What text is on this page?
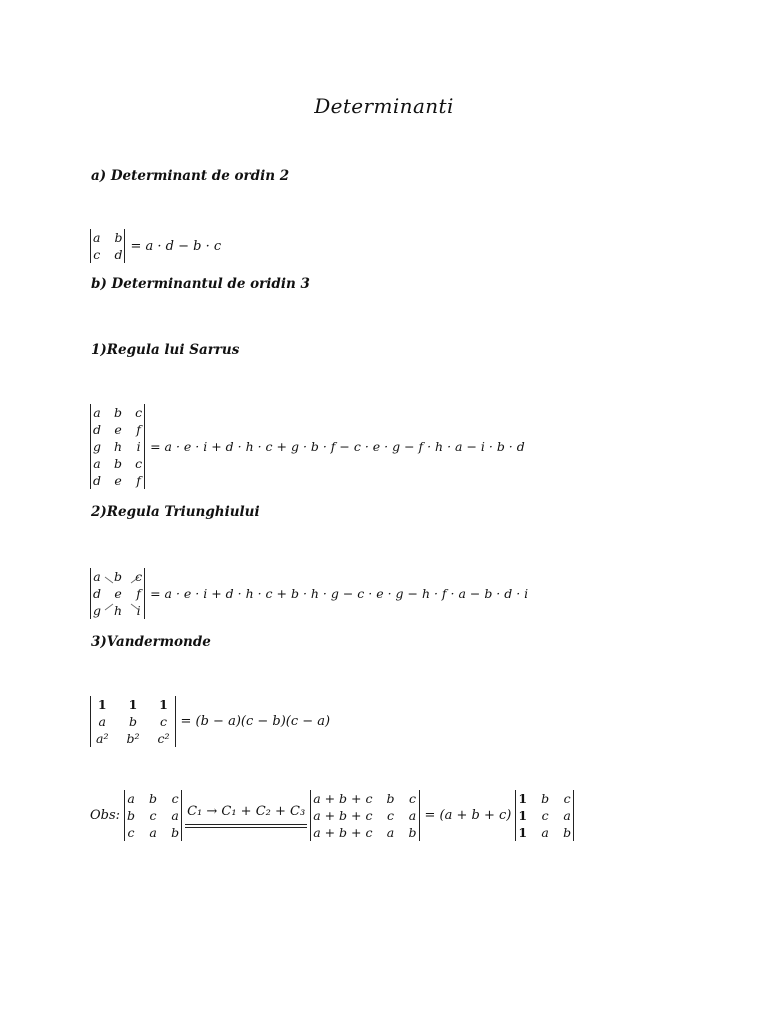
Determinanti
a) Determinant de ordin 2
a b
c d
= a · d − b · c
b) Determinantul de oridin 3
1)Regula lui Sarrus
a b c
d e f
g h i
a b c
d e f
= a · e · i + d · h · c + g · b · f − c · e · g − f · h · a − i · b · d
2)Regula Triunghiului
a b c
d e f
g h i
= a · e · i + d · h · c + b · h · g − c · e · g − h · f · a − b · d · i
3)Vandermonde
1 1 1
a b c
a² b² c²
= (b − a)(c − b)(c − a)
Obs:
a b c
b c a
c a b
C₁ → C₁ + C₂ + C₃
a + b + c b c
a + b + c c a
a + b + c a b
= (a + b + c)
1 b c
1 c a
1 a b
